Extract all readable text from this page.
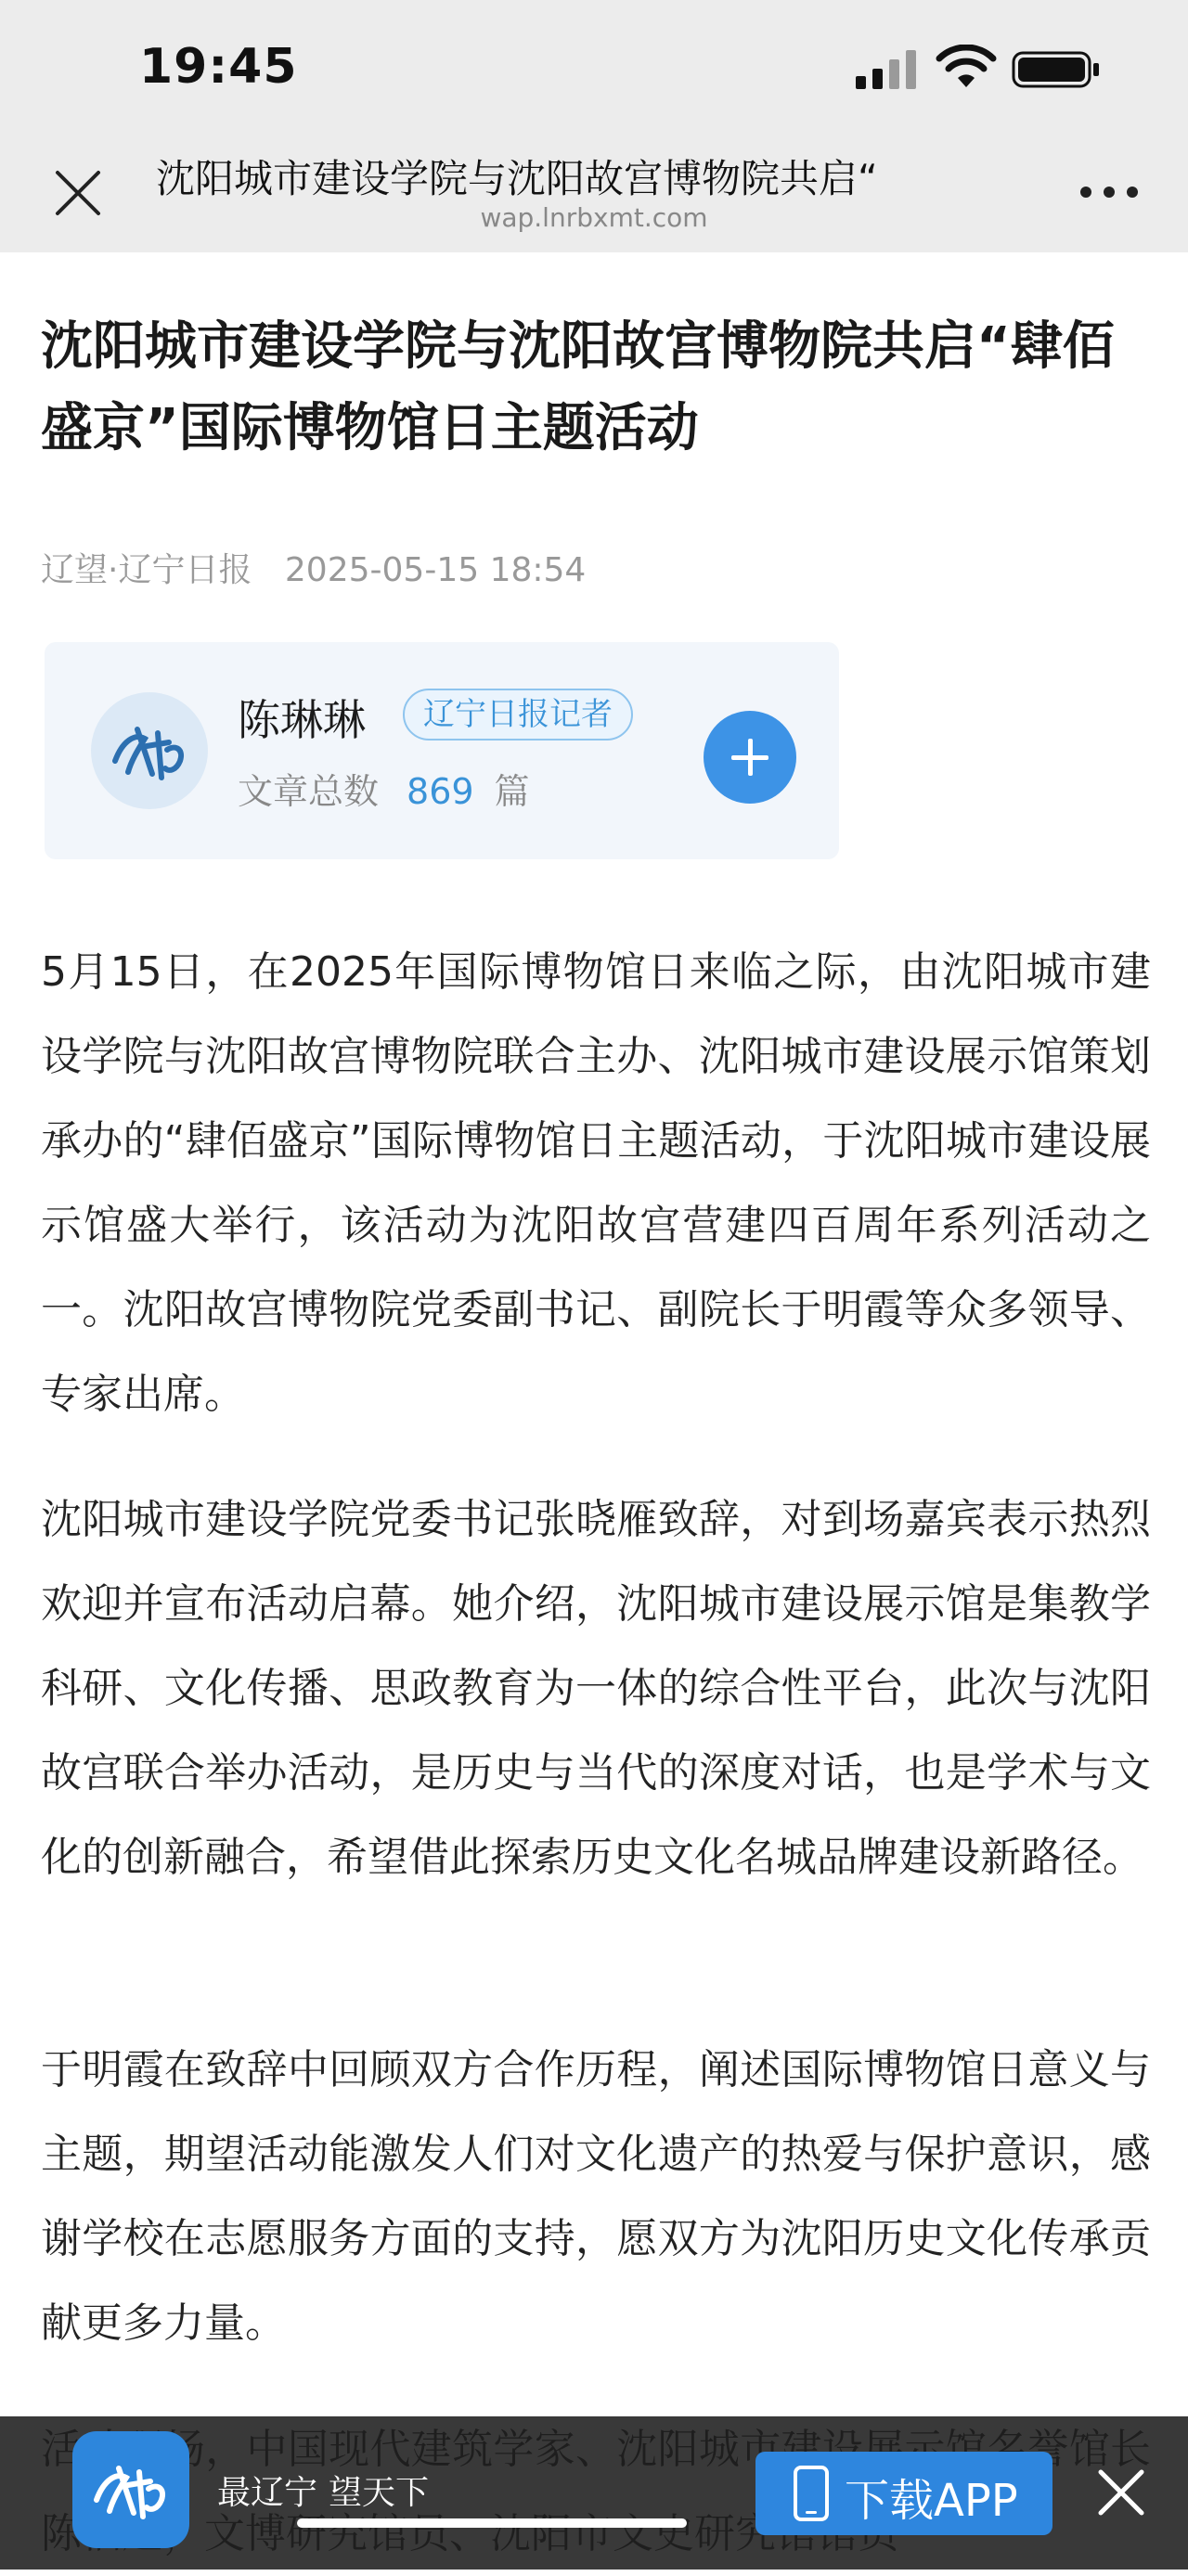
19:45
沈阳城市建设学院与沈阳故宫博物院共启“
wap.lnrbxmt.com
沈阳城市建设学院与沈阳故宫博物院共启“肆佰盛京”国际博物馆日主题活动
辽望·辽宁日报 2025-05-15 18:54
陈琳琳	辽宁日报记者
文章总数 869 篇
5月15日，在2025年国际博物馆日来临之际，由沈阳城市建设学院与沈阳故宫博物院联合主办、沈阳城市建设展示馆策划承办的“肆佰盛京”国际博物馆日主题活动，于沈阳城市建设展示馆盛大举行，该活动为沈阳故宫营建四百周年系列活动之一。沈阳故宫博物院党委副书记、副院长于明霞等众多领导、专家出席。
沈阳城市建设学院党委书记张晓雁致辞，对到场嘉宾表示热烈欢迎并宣布活动启幕。她介绍，沈阳城市建设展示馆是集教学科研、文化传播、思政教育为一体的综合性平台，此次与沈阳故宫联合举办活动，是历史与当代的深度对话，也是学术与文化的创新融合，希望借此探索历史文化名城品牌建设新路径。
于明霞在致辞中回顾双方合作历程，阐述国际博物馆日意义与主题，期望活动能激发人们对文化遗产的热爱与保护意识，感谢学校在志愿服务方面的支持，愿双方为沈阳历史文化传承贡献更多力量。
最辽宁 望天下	下载APP
